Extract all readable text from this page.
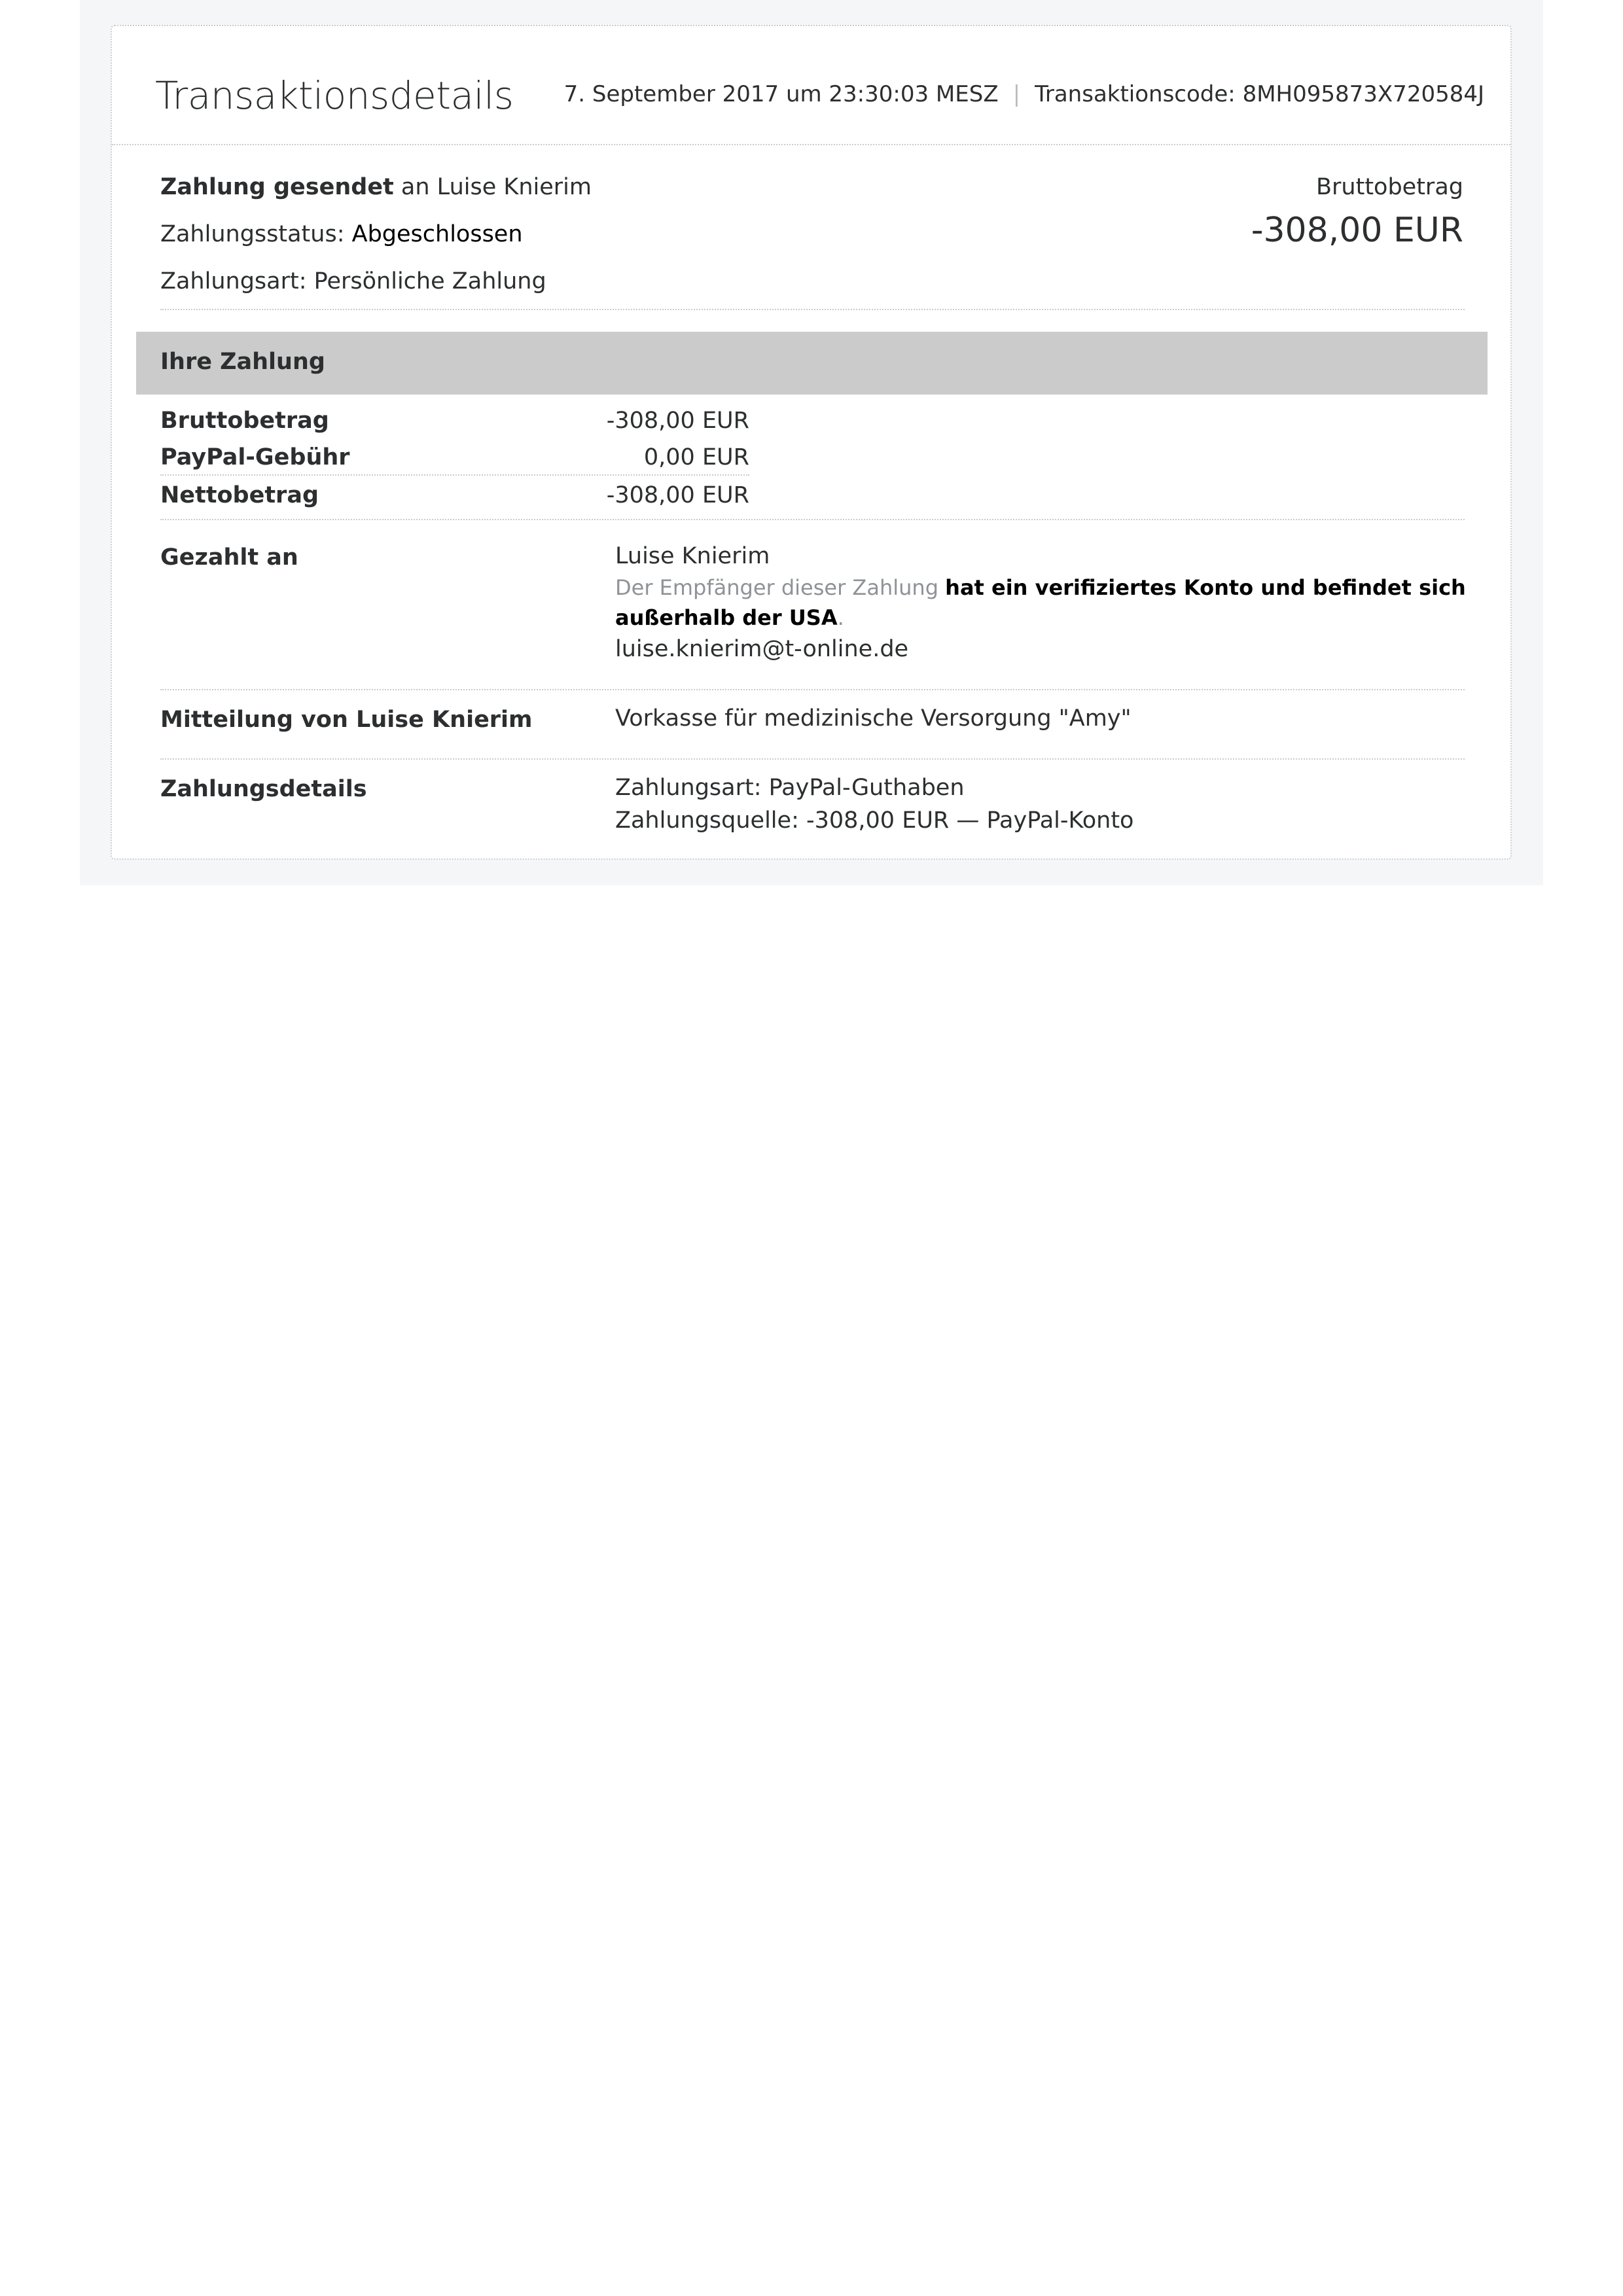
Transaktionsdetails 7. September 2017 um 23:30:03 MESZ | Transaktionscode: 8MH095873X720584J
Zahlung gesendet an Luise Knierim
Zahlungsstatus: Abgeschlossen
Zahlungsart: Persönliche Zahlung
Bruttobetrag
-308,00 EUR
Ihre Zahlung
Bruttobetrag	-308,00 EUR
PayPal-Gebühr	0,00 EUR
Nettobetrag	-308,00 EUR
Gezahlt an	Luise Knierim
Der Empfänger dieser Zahlung hat ein verifiziertes Konto und befindet sich
außerhalb der USA.
luise.knierim@t-online.de
Mitteilung von Luise Knierim	Vorkasse für medizinische Versorgung "Amy"
Zahlungsdetails	Zahlungsart: PayPal-Guthaben
Zahlungsquelle: -308,00 EUR — PayPal-Konto
